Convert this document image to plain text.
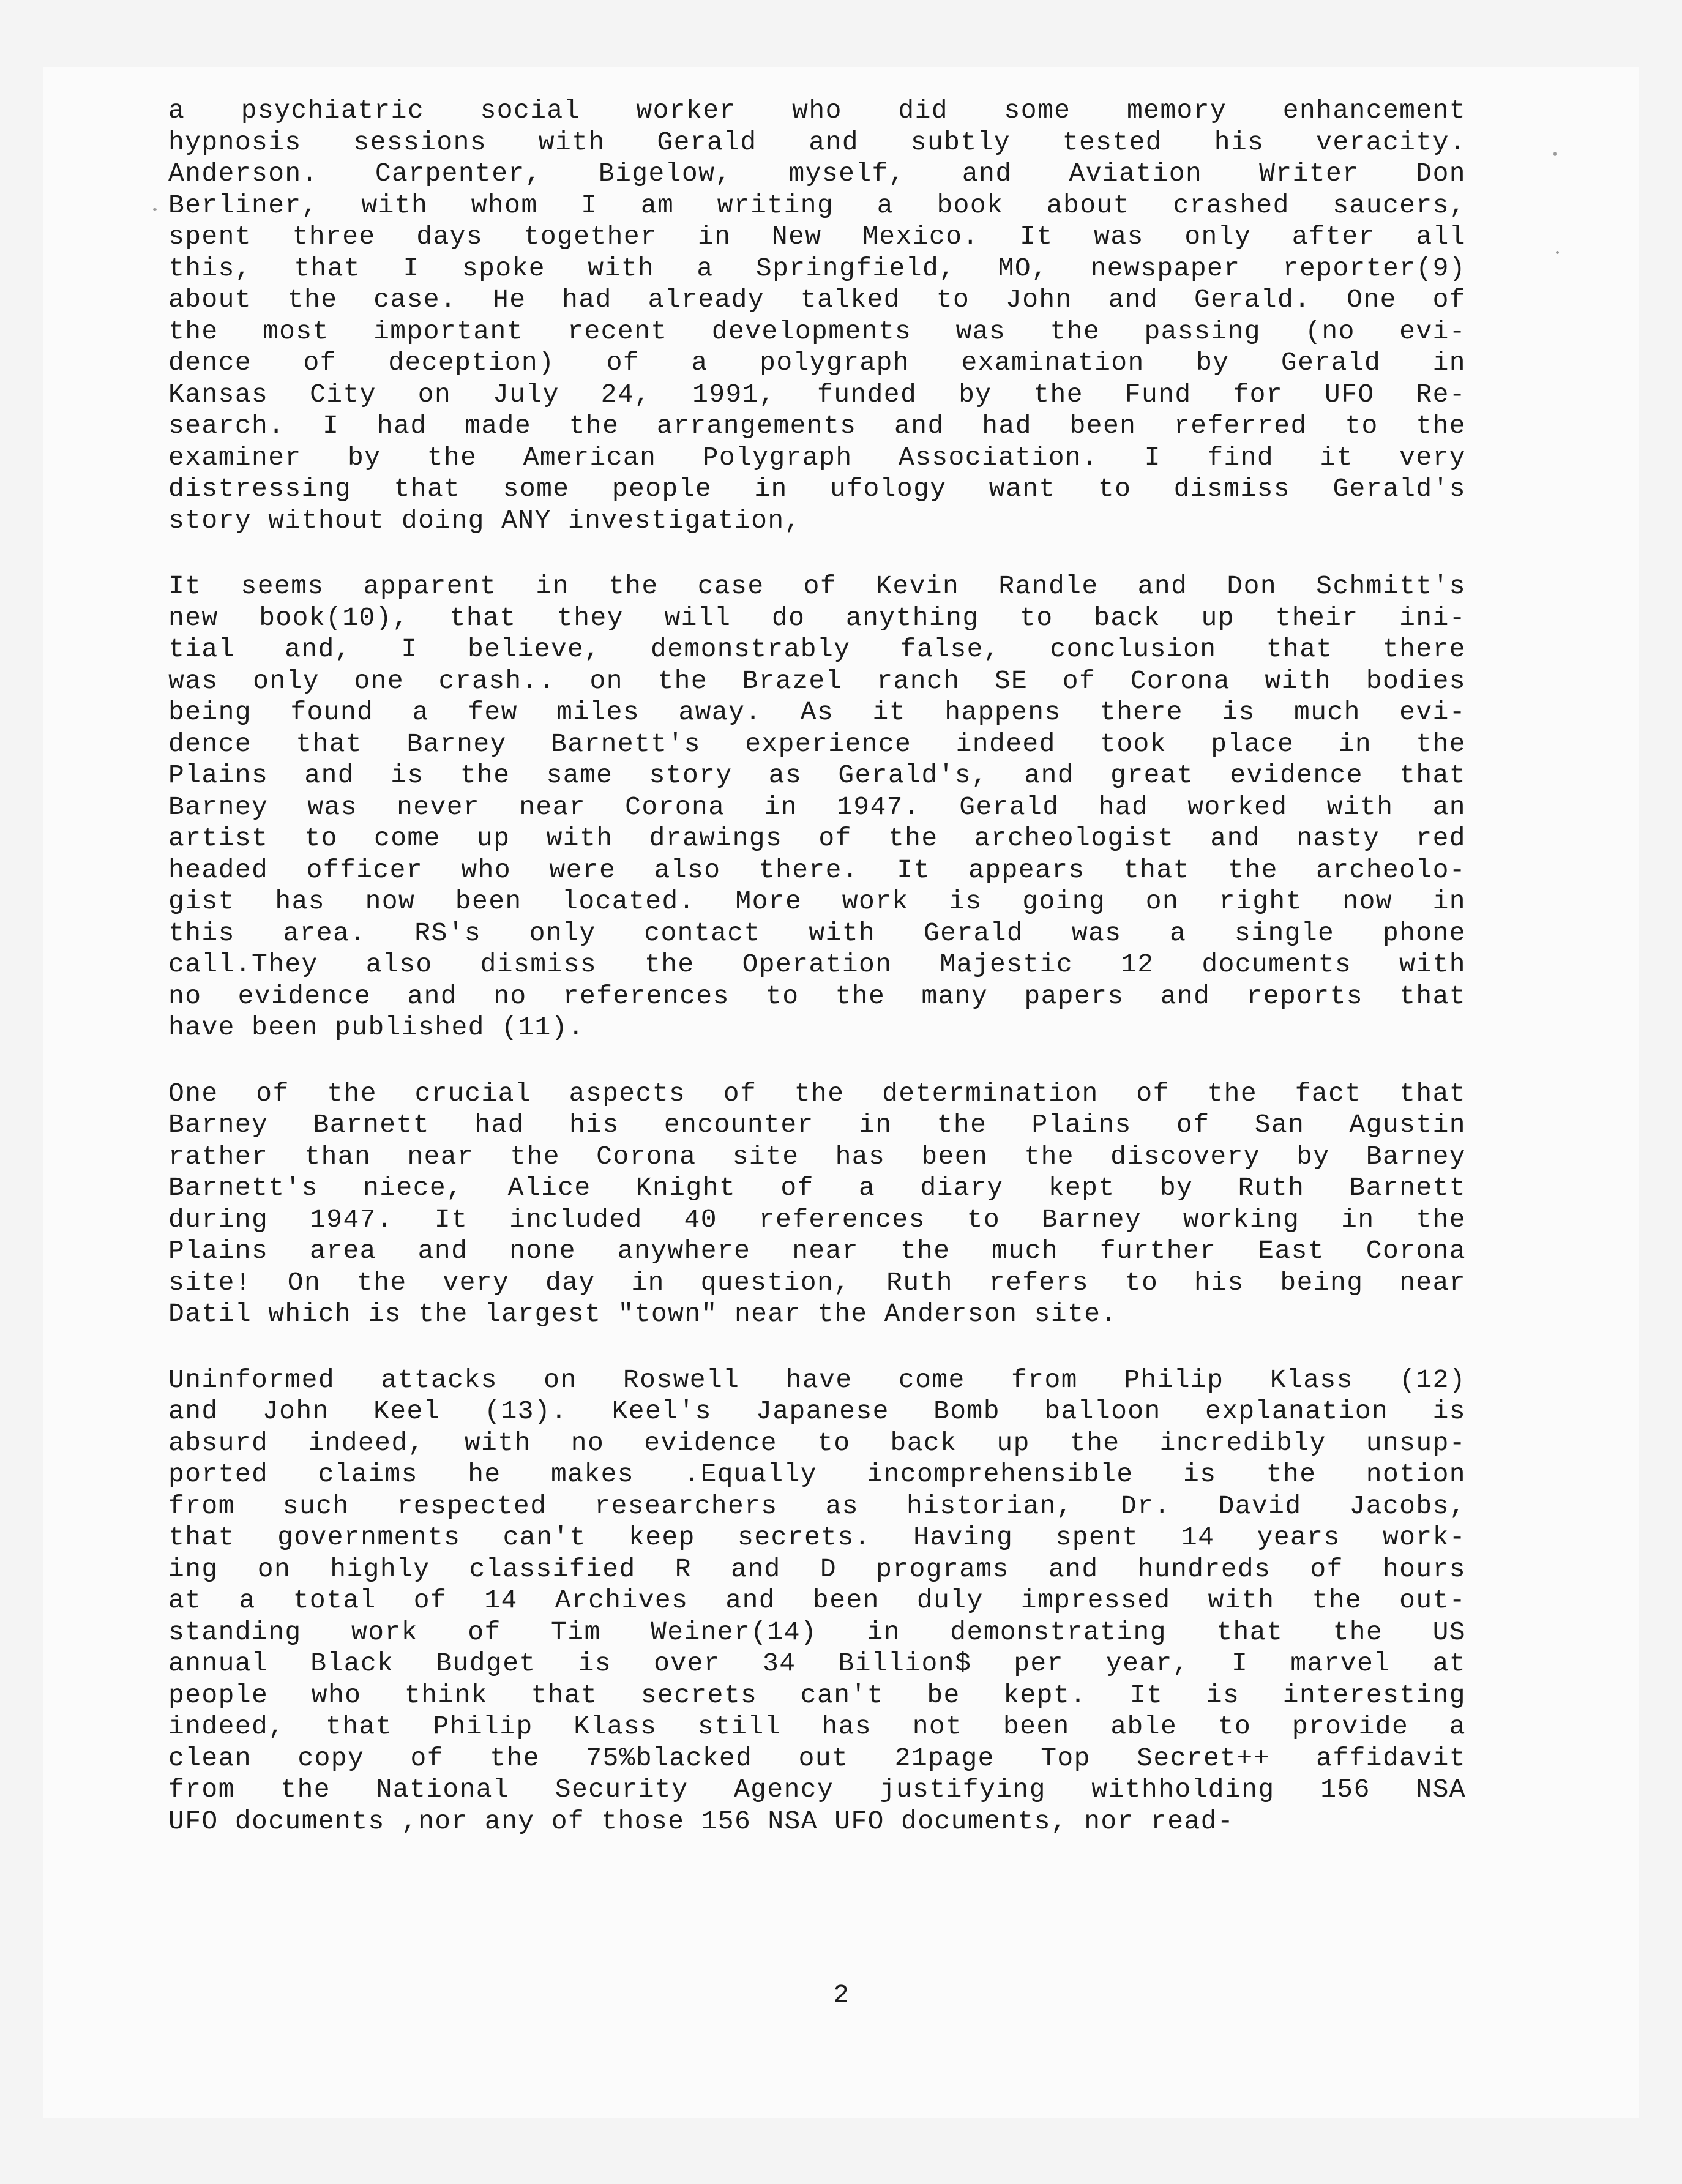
a psychiatric social worker who did some memory enhancement
hypnosis sessions with Gerald and subtly tested his veracity.
Anderson. Carpenter, Bigelow, myself, and Aviation Writer Don
Berliner, with whom I am writing a book about crashed saucers,
spent three days together in New Mexico. It was only after all
this, that I spoke with a Springfield, MO, newspaper reporter(9)
about the case. He had already talked to John and Gerald. One of
the most important recent developments was the passing (no evi-
dence of deception) of a polygraph examination by Gerald in
Kansas City on July 24, 1991, funded by the Fund for UFO Re-
search. I had made the arrangements and had been referred to the
examiner by the American Polygraph Association. I find it very
distressing that some people in ufology want to dismiss Gerald's
story without doing ANY investigation,
It seems apparent in the case of Kevin Randle and Don Schmitt's
new book(10), that they will do anything to back up their ini-
tial and, I believe, demonstrably false, conclusion that there
was only one crash.. on the Brazel ranch SE of Corona with bodies
being found a few miles away. As it happens there is much evi-
dence that Barney Barnett's experience indeed took place in the
Plains and is the same story as Gerald's, and great evidence that
Barney was never near Corona in 1947. Gerald had worked with an
artist to come up with drawings of the archeologist and nasty red
headed officer who were also there. It appears that the archeolo-
gist has now been located. More work is going on right now in
this area. RS's only contact with Gerald was a single phone
call.They also dismiss the Operation Majestic 12 documents with
no evidence and no references to the many papers and reports that
have been published (11).
One of the crucial aspects of the determination of the fact that
Barney Barnett had his encounter in the Plains of San Agustin
rather than near the Corona site has been the discovery by Barney
Barnett's niece, Alice Knight of a diary kept by Ruth Barnett
during 1947. It included 40 references to Barney working in the
Plains area and none anywhere near the much further East Corona
site! On the very day in question, Ruth refers to his being near
Datil which is the largest "town" near the Anderson site.
Uninformed attacks on Roswell have come from Philip Klass (12)
and John Keel (13). Keel's Japanese Bomb balloon explanation is
absurd indeed, with no evidence to back up the incredibly unsup-
ported claims he makes .Equally incomprehensible is the notion
from such respected researchers as historian, Dr. David Jacobs,
that governments can't keep secrets. Having spent 14 years work-
ing on highly classified R and D programs and hundreds of hours
at a total of 14 Archives and been duly impressed with the out-
standing work of Tim Weiner(14) in demonstrating that the US
annual Black Budget is over 34 Billion$ per year, I marvel at
people who think that secrets can't be kept. It is interesting
indeed, that Philip Klass still has not been able to provide a
clean copy of the 75%blacked out 21page Top Secret++ affidavit
from the National Security Agency justifying withholding 156 NSA
UFO documents ,nor any of those 156 NSA UFO documents, nor read-
2
